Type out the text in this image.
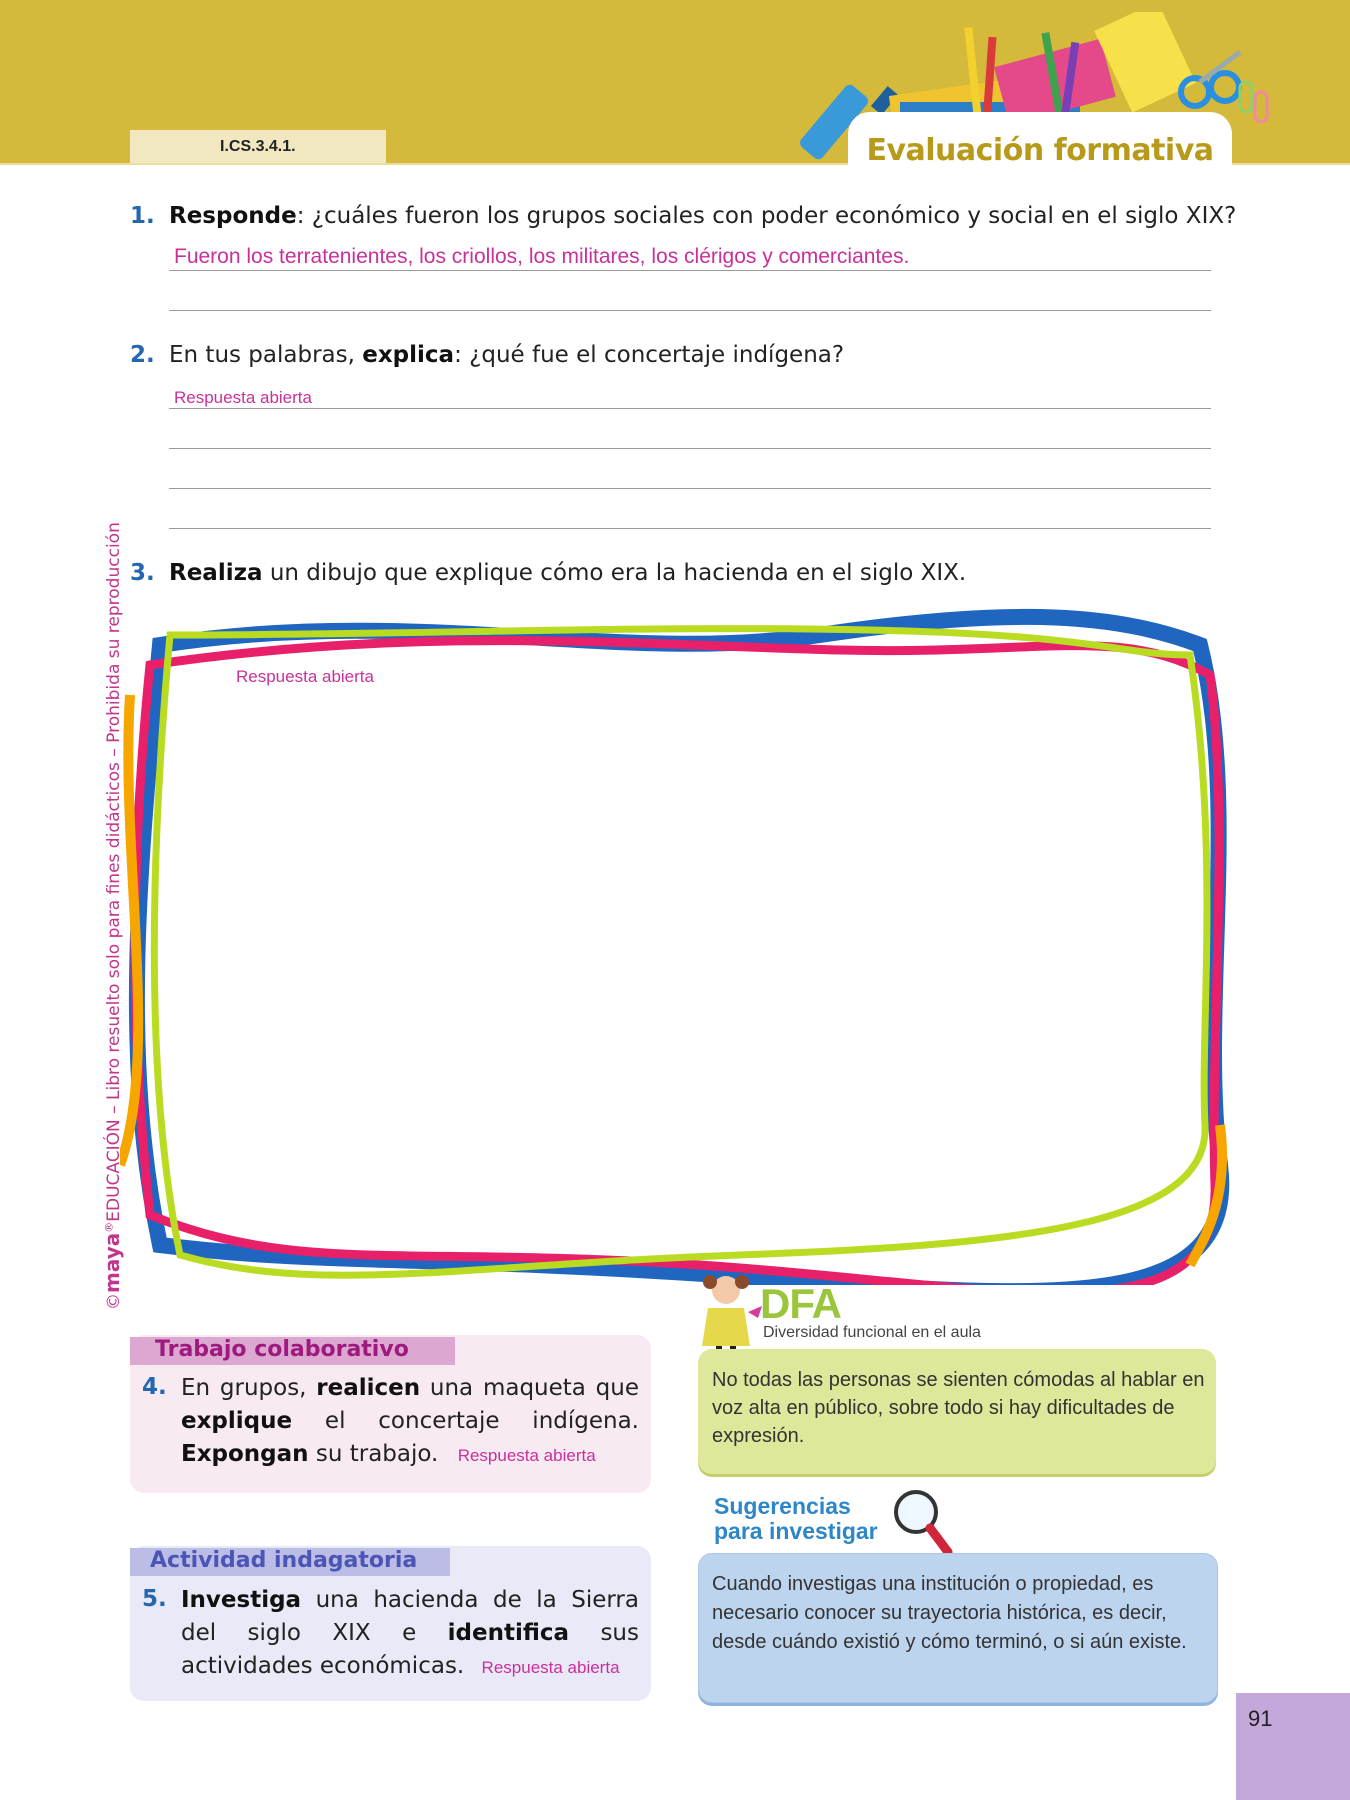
I.CS.3.4.1.	Evaluación formativa
©maya®EDUCACIÓN – Libro resuelto solo para fines didácticos – Prohibida su reproducción
1. Responde: ¿cuáles fueron los grupos sociales con poder económico y social en el siglo XIX?
Fueron los terratenientes, los criollos, los militares, los clérigos y comerciantes.
2. En tus palabras, explica: ¿qué fue el concertaje indígena?
Respuesta abierta
3. Realiza un dibujo que explique cómo era la hacienda en el siglo XIX.
Respuesta abierta
Trabajo colaborativo
4. En grupos, realicen una maqueta que explique el concertaje indígena. Expongan su trabajo. Respuesta abierta
Actividad indagatoria
5. Investiga una hacienda de la Sierra del siglo XIX e identifica sus actividades económicas. Respuesta abierta
DFA
Diversidad funcional en el aula
No todas las personas se sienten cómodas al hablar en voz alta en público, sobre todo si hay dificultades de expresión.
Sugerencias
para investigar
Cuando investigas una institución o propiedad, es necesario conocer su trayectoria histórica, es decir, desde cuándo existió y cómo terminó, o si aún existe.
91
